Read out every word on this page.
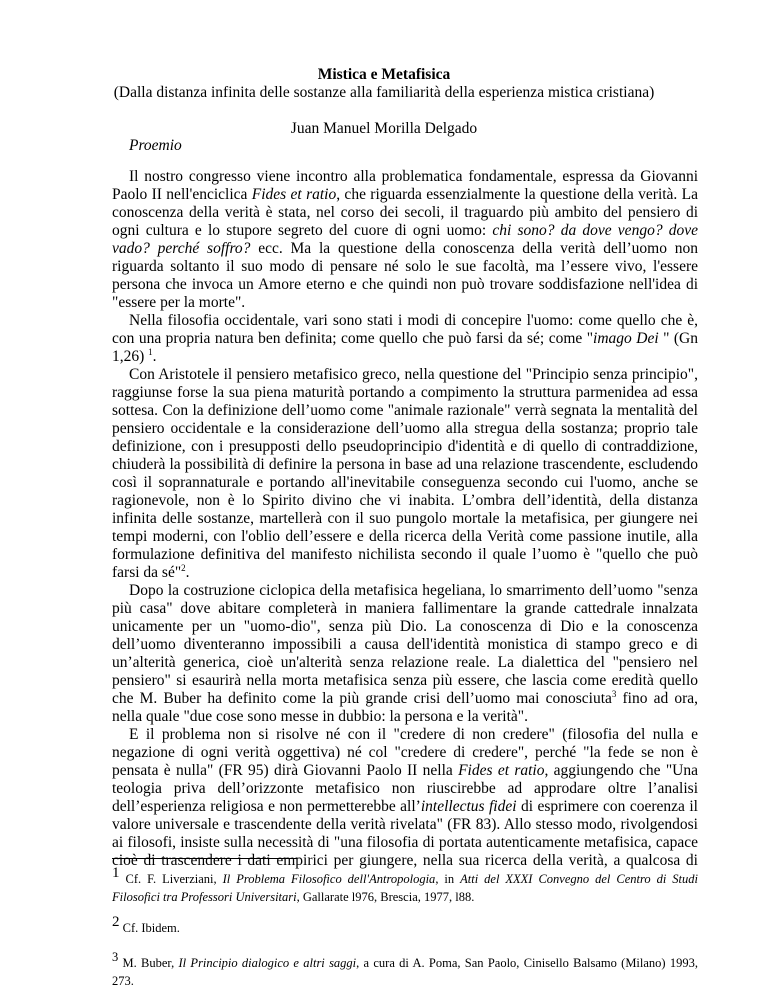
Mistica e Metafisica
(Dalla distanza infinita delle sostanze alla familiarità della esperienza mistica cristiana)
Juan Manuel Morilla Delgado
Proemio
Il nostro congresso viene incontro alla problematica fondamentale, espressa da Giovanni
Paolo II nell'enciclica Fides et ratio, che riguarda essenzialmente la questione della verità. La
conoscenza della verità è stata, nel corso dei secoli, il traguardo più ambito del pensiero di
ogni cultura e lo stupore segreto del cuore di ogni uomo: chi sono? da dove vengo? dove
vado? perché soffro? ecc. Ma la questione della conoscenza della verità dell’uomo non
riguarda soltanto il suo modo di pensare né solo le sue facoltà, ma l’essere vivo, l'essere
persona che invoca un Amore eterno e che quindi non può trovare soddisfazione nell'idea di
"essere per la morte".
Nella filosofia occidentale, vari sono stati i modi di concepire l'uomo: come quello che è,
con una propria natura ben definita; come quello che può farsi da sé; come "imago Dei " (Gn
1,26) $^1$.
Con Aristotele il pensiero metafisico greco, nella questione del "Principio senza principio",
raggiunse forse la sua piena maturità portando a compimento la struttura parmenidea ad essa
sottesa. Con la definizione dell’uomo come "animale razionale" verrà segnata la mentalità del
pensiero occidentale e la considerazione dell’uomo alla stregua della sostanza; proprio tale
definizione, con i presupposti dello pseudoprincipio d'identità e di quello di contraddizione,
chiuderà la possibilità di definire la persona in base ad una relazione trascendente, escludendo
così il soprannaturale e portando all'inevitabile conseguenza secondo cui l'uomo, anche se
ragionevole, non è lo Spirito divino che vi inabita. L’ombra dell’identità, della distanza
infinita delle sostanze, martellerà con il suo pungolo mortale la metafisica, per giungere nei
tempi moderni, con l'oblio dell’essere e della ricerca della Verità come passione inutile, alla
formulazione definitiva del manifesto nichilista secondo il quale l’uomo è "quello che può
farsi da sé"$^2$.
Dopo la costruzione ciclopica della metafisica hegeliana, lo smarrimento dell’uomo "senza
più casa" dove abitare completerà in maniera fallimentare la grande cattedrale innalzata
unicamente per un "uomo-dio", senza più Dio. La conoscenza di Dio e la conoscenza
dell’uomo diventeranno impossibili a causa dell'identità monistica di stampo greco e di
un’alterità generica, cioè un'alterità senza relazione reale. La dialettica del "pensiero nel
pensiero" si esaurirà nella morta metafisica senza più essere, che lascia come eredità quello
che M. Buber ha definito come la più grande crisi dell’uomo mai conosciuta$^3$ fino ad ora,
nella quale "due cose sono messe in dubbio: la persona e la verità".
E il problema non si risolve né con il "credere di non credere" (filosofia del nulla e
negazione di ogni verità oggettiva) né col "credere di credere", perché "la fede se non è
pensata è nulla" (FR 95) dirà Giovanni Paolo II nella Fides et ratio, aggiungendo che "Una
teologia priva dell’orizzonte metafisico non riuscirebbe ad approdare oltre l’analisi
dell’esperienza religiosa e non permetterebbe all’intellectus fidei di esprimere con coerenza il
valore universale e trascendente della verità rivelata" (FR 83). Allo stesso modo, rivolgendosi
ai filosofi, insiste sulla necessità di "una filosofia di portata autenticamente metafisica, capace
cioè di trascendere i dati empirici per giungere, nella sua ricerca della verità, a qualcosa di
$^1$ Cf. F. Liverziani, Il Problema Filosofico dell'Antropologia, in Atti del XXXI Convegno del Centro di Studi
Filosofici tra Professori Universitari, Gallarate l976, Brescia, 1977, l88.
$^2$ Cf. Ibidem.
$^3$ M. Buber, Il Principio dialogico e altri saggi, a cura di A. Poma, San Paolo, Cinisello Balsamo (Milano) 1993,
273.
